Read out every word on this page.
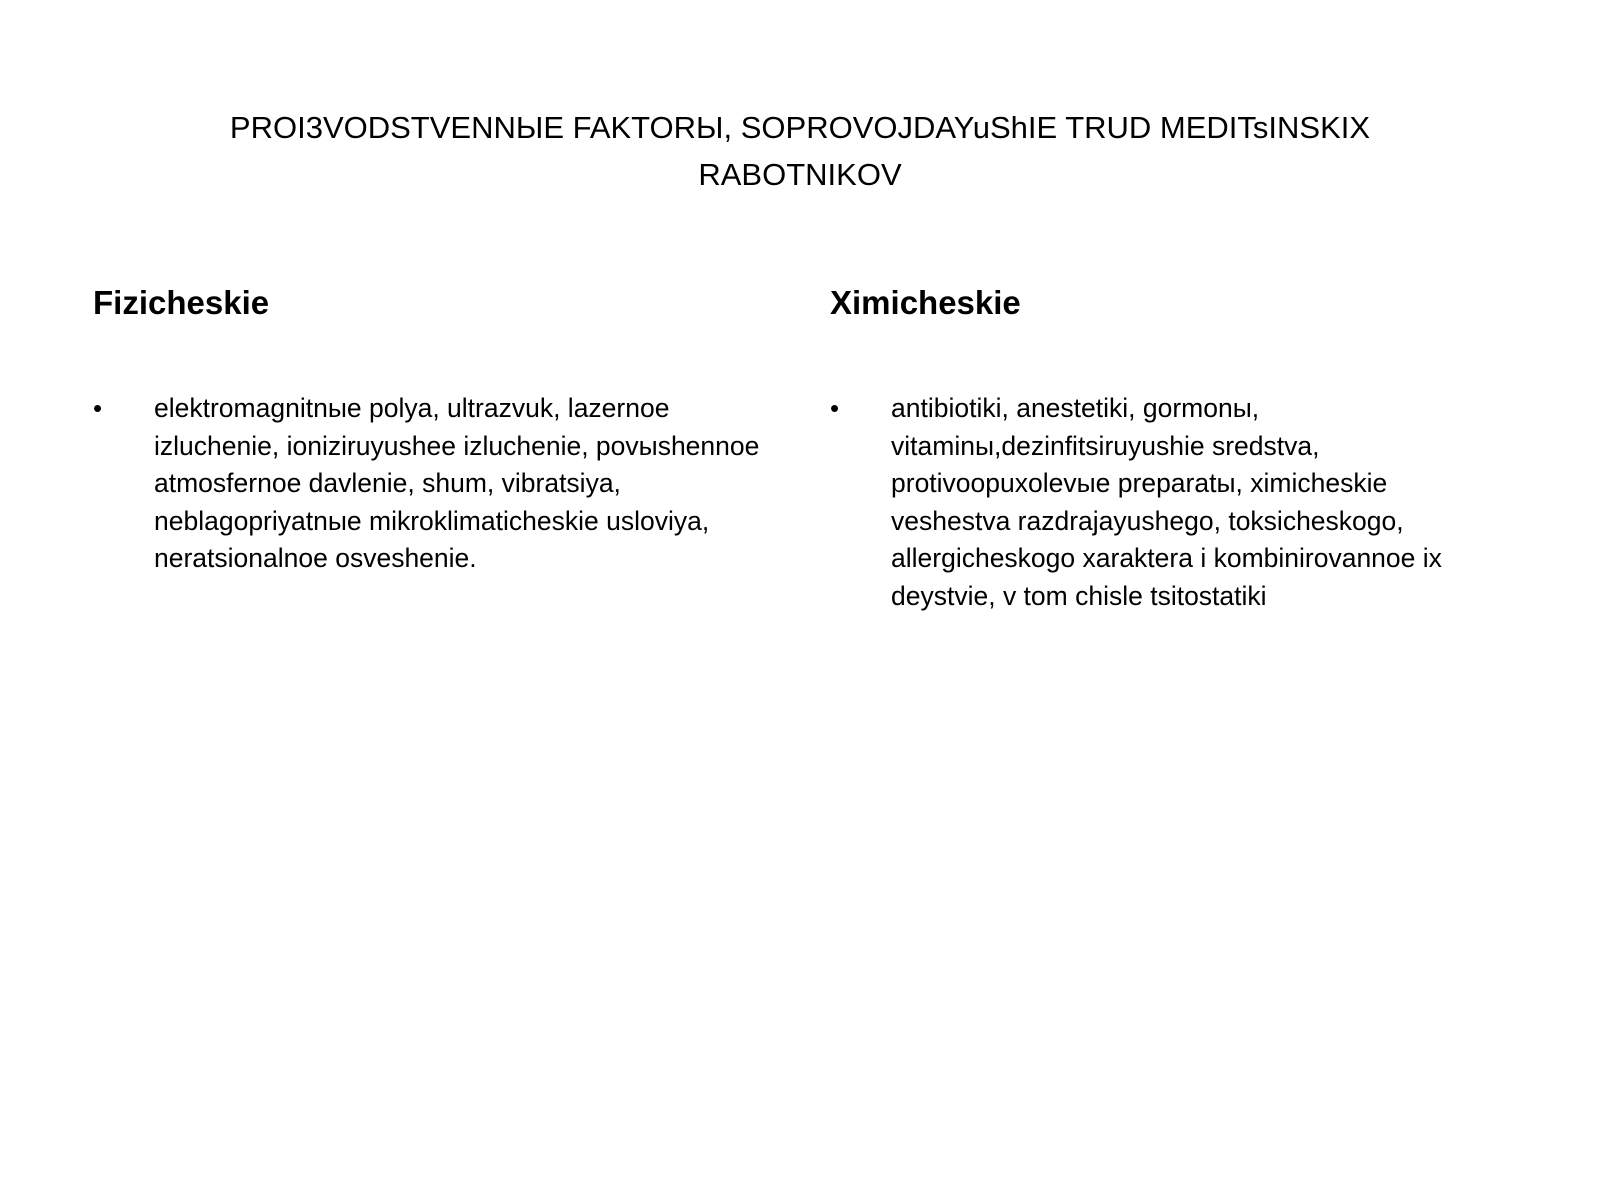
PROI3VODSTVENNЫE FAKTORЫ, SOPROVOJDAYuShIE TRUD MEDITsINSKIX RABOTNIKOV
Fizicheskie
• elektromagnitnыe polya, ultrazvuk, lazernoe izluchenie, ioniziruyushee izluchenie, povыshennoe atmosfernoe davlenie, shum, vibratsiya, neblagopriyatnыe mikroklimaticheskie usloviya, neratsionalnoe osveshenie.
Ximicheskie
• antibiotiki, anestetiki, gormonы, vitaminы,dezinfitsiruyushie sredstva, protivoopuxolevыe preparatы, ximicheskie veshestva razdrajayushego, toksicheskogo, allergicheskogo xaraktera i kombinirovannoe ix deystvie, v tom chisle tsitostatiki
